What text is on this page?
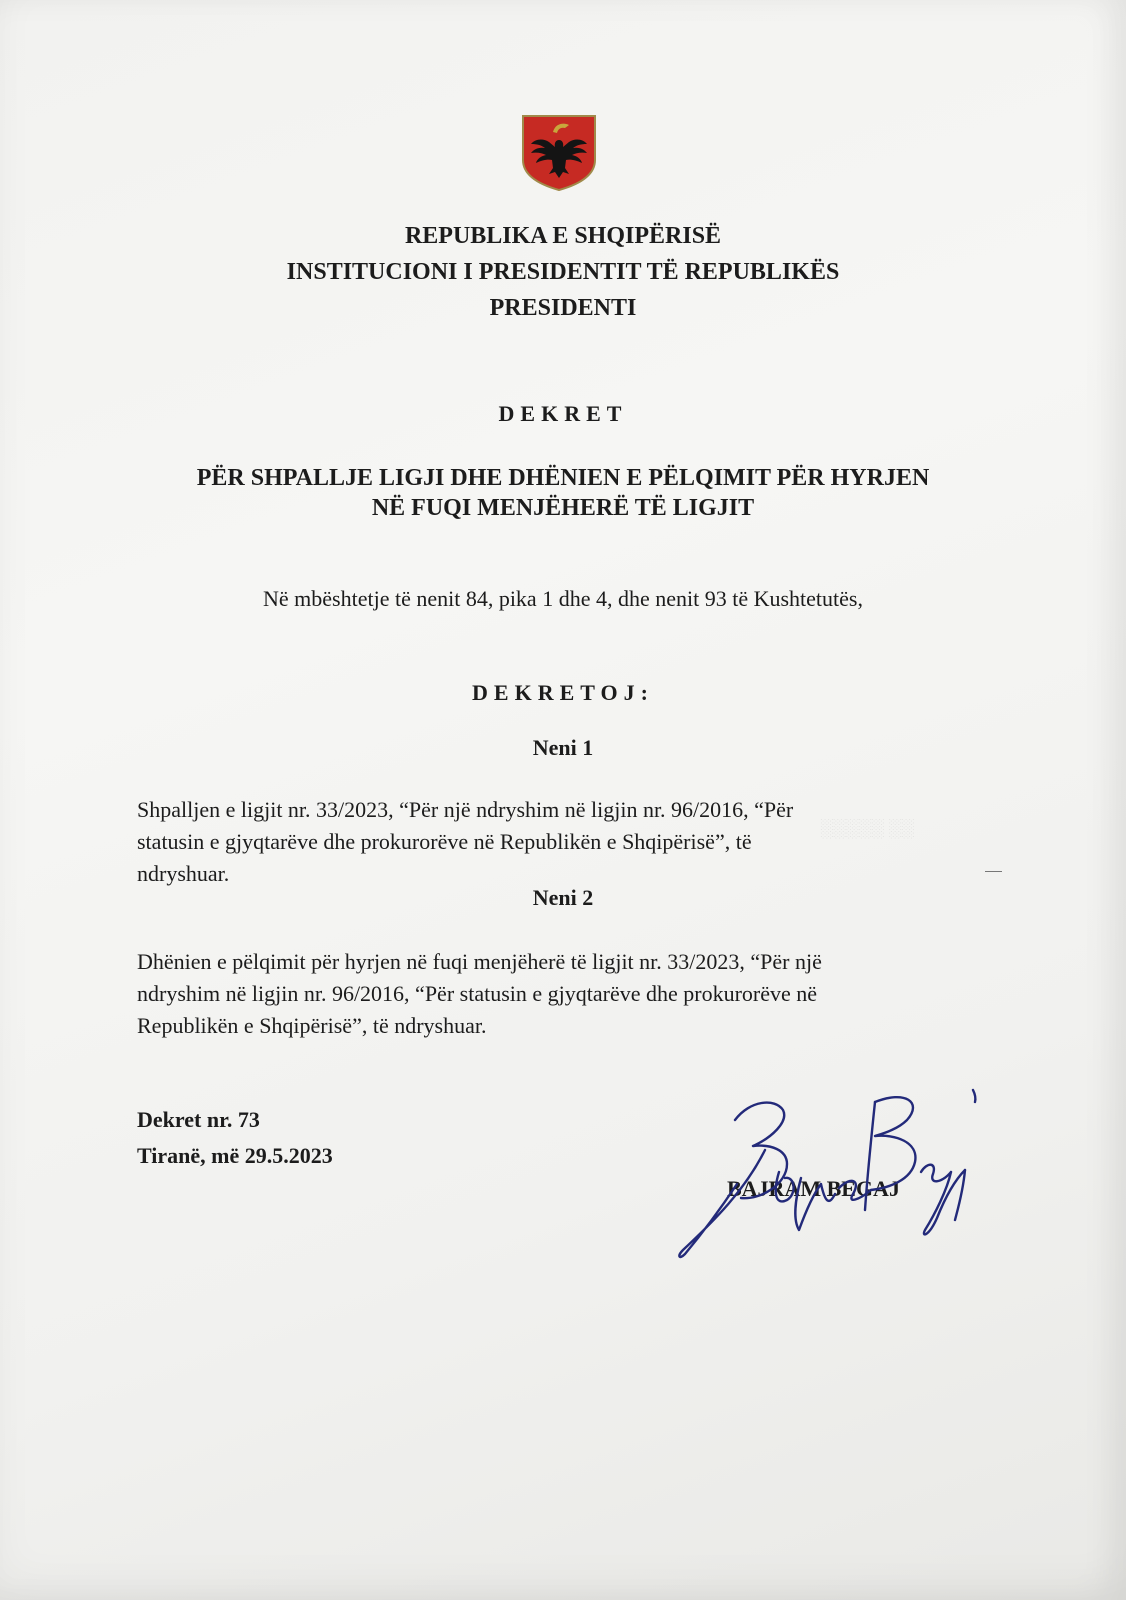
REPUBLIKA E SHQIPËRISË
INSTITUCIONI I PRESIDENTIT TË REPUBLIKËS
PRESIDENTI
DEKRET
PËR SHPALLJE LIGJI DHE DHËNIEN E PËLQIMIT PËR HYRJEN
NË FUQI MENJËHERË TË LIGJIT
Në mbështetje të nenit 84, pika 1 dhe 4, dhe nenit 93 të Kushtetutës,
DEKRETOJ:
Neni 1
Shpalljen e ligjit nr. 33/2023, “Për një ndryshim në ligjin nr. 96/2016, “Për
statusin e gjyqtarëve dhe prokurorëve në Republikën e Shqipërisë”, të
ndryshuar.
Neni 2
Dhënien e pëlqimit për hyrjen në fuqi menjëherë të ligjit nr. 33/2023, “Për një
ndryshim në ligjin nr. 96/2016, “Për statusin e gjyqtarëve dhe prokurorëve në
Republikën e Shqipërisë”, të ndryshuar.
Dekret nr. 73
Tiranë, më 29.5.2023
BAJRAM BEGAJ
░░░░░ ░░
